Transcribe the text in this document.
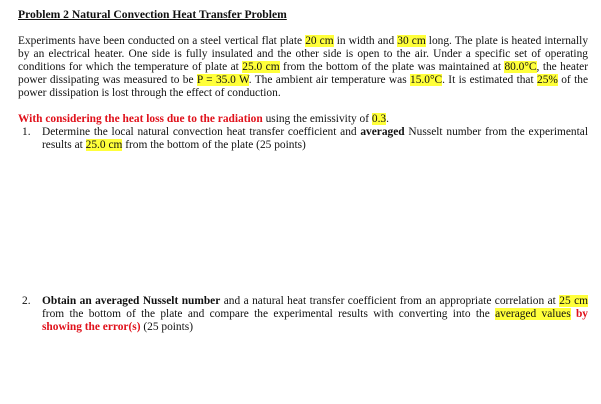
Problem 2 Natural Convection Heat Transfer Problem

Experiments have been conducted on a steel vertical flat plate 20 cm in width and 30 cm long. The plate is heated internally by an electrical heater. One side is fully insulated and the other side is open to the air. Under a specific set of operating conditions for which the temperature of plate at 25.0 cm from the bottom of the plate was maintained at 80.0°C, the heater power dissipating was measured to be P = 35.0 W. The ambient air temperature was 15.0°C. It is estimated that 25% of the power dissipation is lost through the effect of conduction.

With considering the heat loss due to the radiation using the emissivity of 0.3.

1.	Determine the local natural convection heat transfer coefficient and averaged Nusselt number from the experimental results at 25.0 cm from the bottom of the plate (25 points)
2.	Obtain an averaged Nusselt number and a natural heat transfer coefficient from an appropriate correlation at 25 cm from the bottom of the plate and compare the experimental results with converting into the averaged values by showing the error(s) (25 points)
